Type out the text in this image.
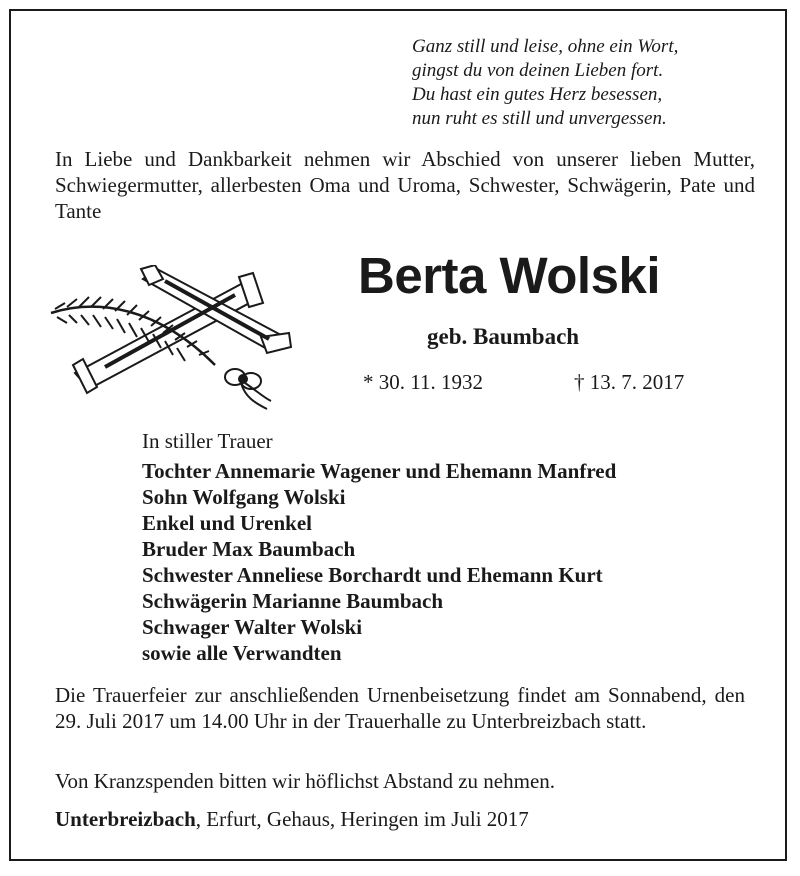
Ganz still und leise, ohne ein Wort,
gingst du von deinen Lieben fort.
Du hast ein gutes Herz besessen,
nun ruht es still und unvergessen.
In Liebe und Dankbarkeit nehmen wir Abschied von unserer lieben Mutter, Schwiegermutter, allerbesten Oma und Uroma, Schwester, Schwägerin, Pate und Tante
Berta Wolski
geb. Baumbach
* 30. 11. 1932	† 13. 7. 2017
In stiller Trauer
Tochter Annemarie Wagener und Ehemann Manfred
Sohn Wolfgang Wolski
Enkel und Urenkel
Bruder Max Baumbach
Schwester Anneliese Borchardt und Ehemann Kurt
Schwägerin Marianne Baumbach
Schwager Walter Wolski
sowie alle Verwandten
Die Trauerfeier zur anschließenden Urnenbeisetzung findet am Sonnabend, den 29. Juli 2017 um 14.00 Uhr in der Trauerhalle zu Unterbreizbach statt.
Von Kranzspenden bitten wir höflichst Abstand zu nehmen.
Unterbreizbach, Erfurt, Gehaus, Heringen im Juli 2017
